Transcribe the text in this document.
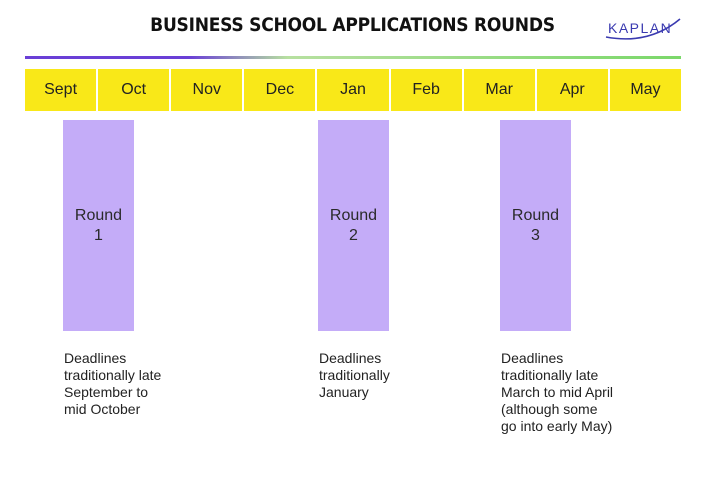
BUSINESS SCHOOL APPLICATIONS ROUNDS	KAPLAN
Sept	Oct	Nov	Dec	Jan	Feb	Mar	Apr	May
Round
1
Round
2
Round
3
Deadlines
traditionally late
September to
mid October
Deadlines
traditionally
January
Deadlines
traditionally late
March to mid April
(although some
go into early May)
